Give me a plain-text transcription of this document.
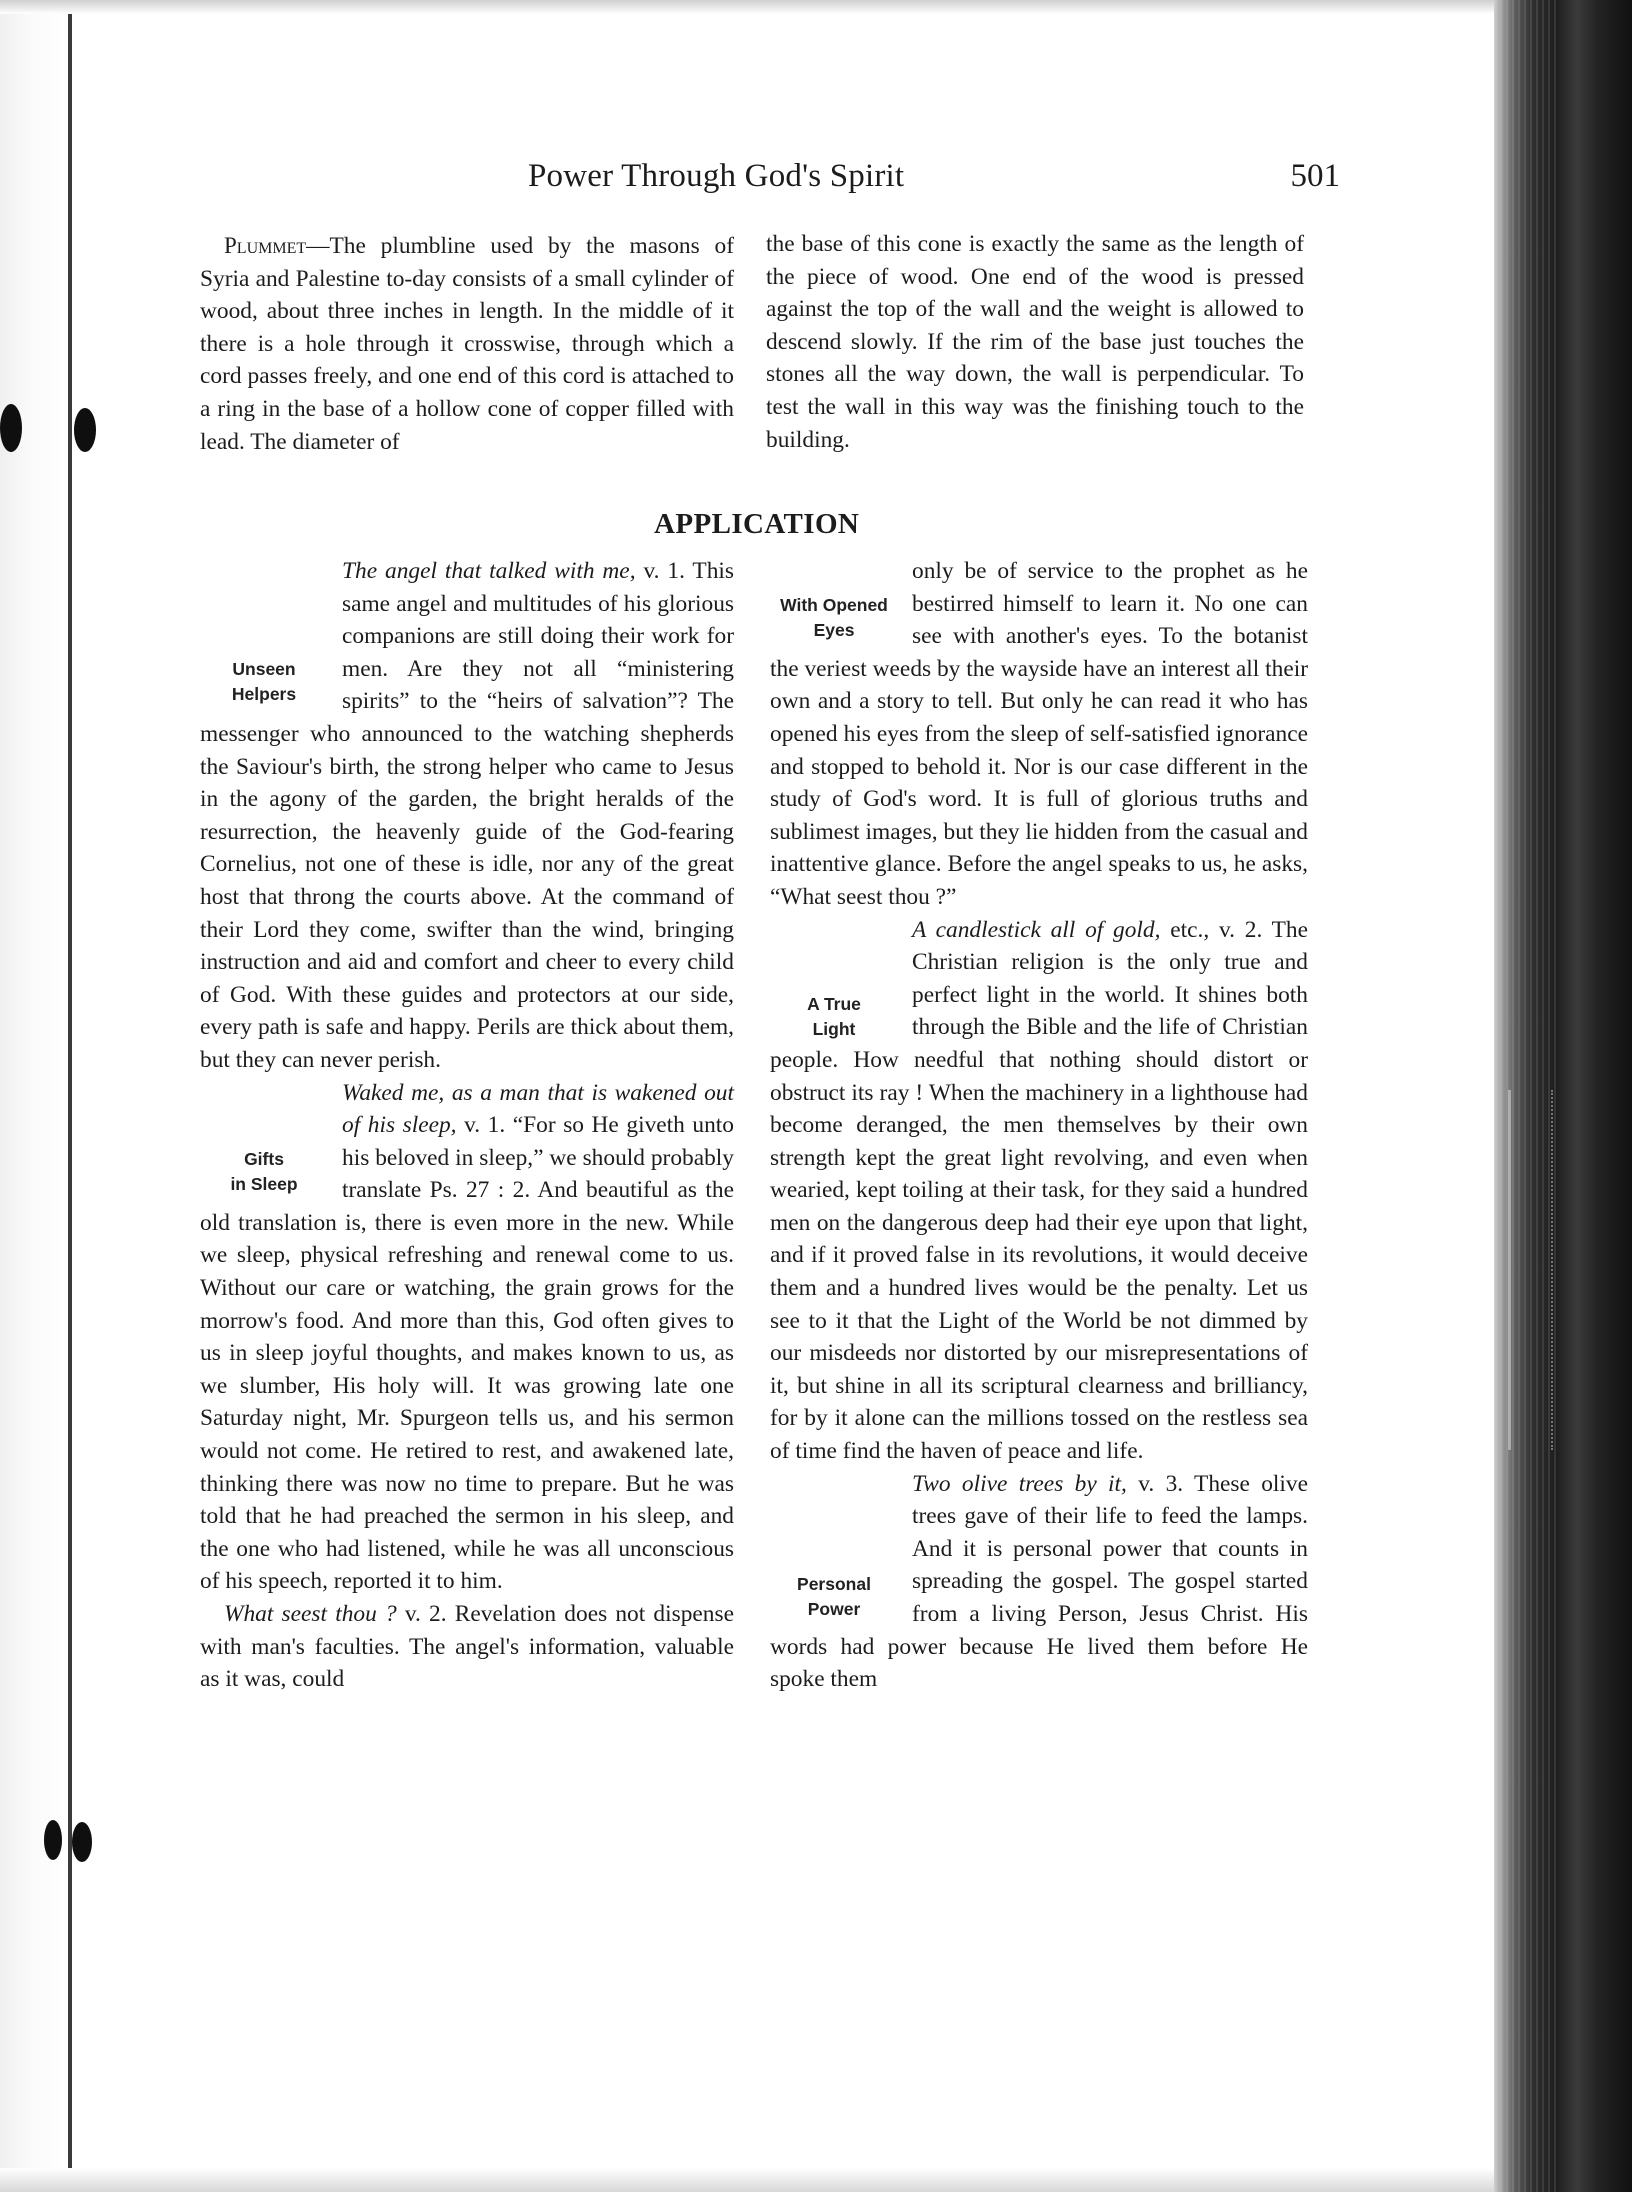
Power Through God's Spirit	501

Plummet—The plumbline used by the masons of Syria and Palestine to-day consists of a small cylinder of wood, about three inches in length. In the middle of it there is a hole through it crosswise, through which a cord passes freely, and one end of this cord is attached to a ring in the base of a hollow cone of copper filled with lead. The diameter of

the base of this cone is exactly the same as the length of the piece of wood. One end of the wood is pressed against the top of the wall and the weight is allowed to descend slowly. If the rim of the base just touches the stones all the way down, the wall is perpendicular. To test the wall in this way was the finishing touch to the building.

APPLICATION

Unseen
Helpers
The angel that talked with me, v. 1. This same angel and multitudes of his glorious companions are still doing their work for men. Are they not all “ministering spirits” to the “heirs of salvation”? The messenger who announced to the watching shepherds the Saviour's birth, the strong helper who came to Jesus in the agony of the garden, the bright heralds of the resurrection, the heavenly guide of the God-fearing Cornelius, not one of these is idle, nor any of the great host that throng the courts above. At the command of their Lord they come, swifter than the wind, bringing instruction and aid and comfort and cheer to every child of God. With these guides and protectors at our side, every path is safe and happy. Perils are thick about them, but they can never perish.

Gifts
in Sleep
Waked me, as a man that is wakened out of his sleep, v. 1. “For so He giveth unto his beloved in sleep,” we should probably translate Ps. 27 : 2. And beautiful as the old translation is, there is even more in the new. While we sleep, physical refreshing and renewal come to us. Without our care or watching, the grain grows for the morrow's food. And more than this, God often gives to us in sleep joyful thoughts, and makes known to us, as we slumber, His holy will. It was growing late one Saturday night, Mr. Spurgeon tells us, and his sermon would not come. He retired to rest, and awakened late, thinking there was now no time to prepare. But he was told that he had preached the sermon in his sleep, and the one who had listened, while he was all unconscious of his speech, reported it to him.

What seest thou ? v. 2. Revelation does not dispense with man's faculties. The angel's information, valuable as it was, could

With Opened
Eyes
only be of service to the prophet as he bestirred himself to learn it. No one can see with another's eyes. To the botanist the veriest weeds by the wayside have an interest all their own and a story to tell. But only he can read it who has opened his eyes from the sleep of self-satisfied ignorance and stopped to behold it. Nor is our case different in the study of God's word. It is full of glorious truths and sublimest images, but they lie hidden from the casual and inattentive glance. Before the angel speaks to us, he asks, “What seest thou ?”

A True
Light
A candlestick all of gold, etc., v. 2. The Christian religion is the only true and perfect light in the world. It shines both through the Bible and the life of Christian people. How needful that nothing should distort or obstruct its ray ! When the machinery in a lighthouse had become deranged, the men themselves by their own strength kept the great light revolving, and even when wearied, kept toiling at their task, for they said a hundred men on the dangerous deep had their eye upon that light, and if it proved false in its revolutions, it would deceive them and a hundred lives would be the penalty. Let us see to it that the Light of the World be not dimmed by our misdeeds nor distorted by our misrepresentations of it, but shine in all its scriptural clearness and brilliancy, for by it alone can the millions tossed on the restless sea of time find the haven of peace and life.

Personal
Power
Two olive trees by it, v. 3. These olive trees gave of their life to feed the lamps. And it is personal power that counts in spreading the gospel. The gospel started from a living Person, Jesus Christ. His words had power because He lived them before He spoke them
